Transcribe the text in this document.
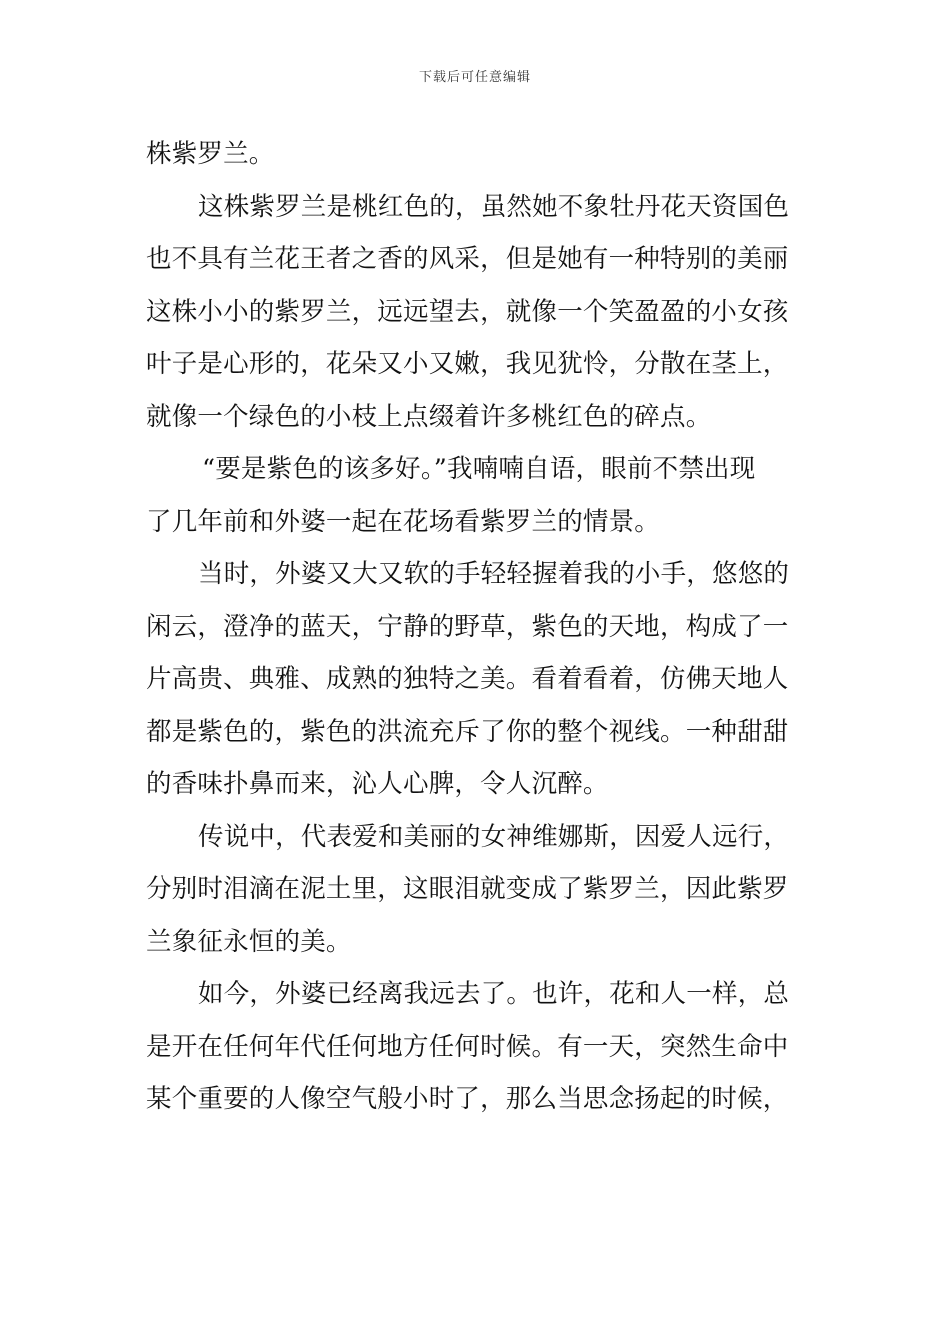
下载后可任意编辑
株紫罗兰。
这株紫罗兰是桃红色的，虽然她不象牡丹花天资国色
也不具有兰花王者之香的风采，但是她有一种特别的美丽
这株小小的紫罗兰，远远望去，就像一个笑盈盈的小女孩
叶子是心形的，花朵又小又嫩，我见犹怜，分散在茎上，
就像一个绿色的小枝上点缀着许多桃红色的碎点。
“要是紫色的该多好。”我喃喃自语，眼前不禁出现
了几年前和外婆一起在花场看紫罗兰的情景。
当时，外婆又大又软的手轻轻握着我的小手，悠悠的
闲云，澄净的蓝天，宁静的野草，紫色的天地，构成了一
片高贵、典雅、成熟的独特之美。看着看着，仿佛天地人
都是紫色的，紫色的洪流充斥了你的整个视线。一种甜甜
的香味扑鼻而来，沁人心脾，令人沉醉。
传说中，代表爱和美丽的女神维娜斯，因爱人远行，
分别时泪滴在泥土里，这眼泪就变成了紫罗兰，因此紫罗
兰象征永恒的美。
如今，外婆已经离我远去了。也许，花和人一样，总
是开在任何年代任何地方任何时候。有一天，突然生命中
某个重要的人像空气般小时了，那么当思念扬起的时候，
